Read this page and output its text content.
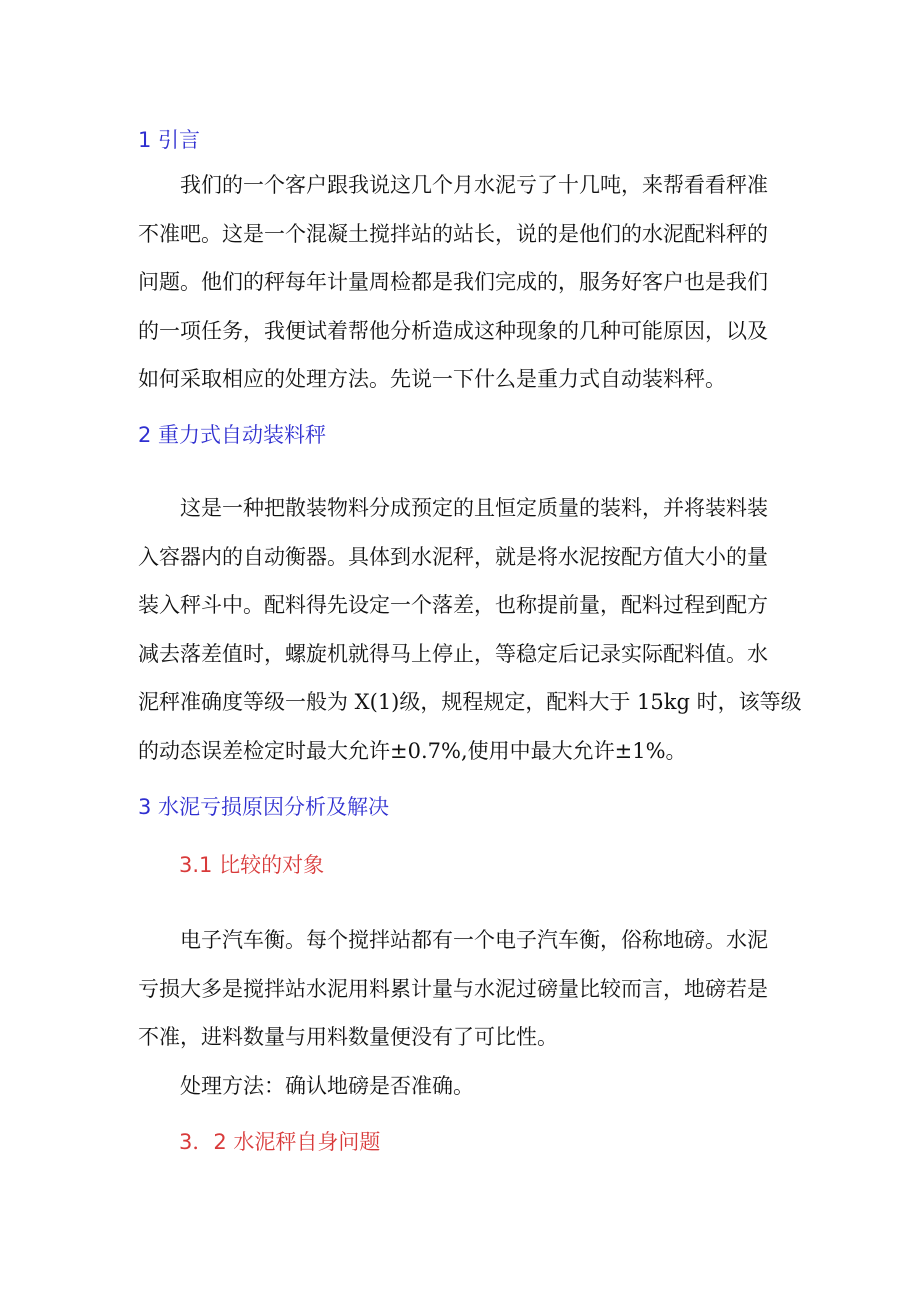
1 引言
我们的一个客户跟我说这几个月水泥亏了十几吨，来帮看看秤准
不准吧。这是一个混凝土搅拌站的站长，说的是他们的水泥配料秤的
问题。他们的秤每年计量周检都是我们完成的，服务好客户也是我们
的一项任务，我便试着帮他分析造成这种现象的几种可能原因，以及
如何采取相应的处理方法。先说一下什么是重力式自动装料秤。
2 重力式自动装料秤
这是一种把散装物料分成预定的且恒定质量的装料，并将装料装
入容器内的自动衡器。具体到水泥秤，就是将水泥按配方值大小的量
装入秤斗中。配料得先设定一个落差，也称提前量，配料过程到配方
减去落差值时，螺旋机就得马上停止，等稳定后记录实际配料值。水
泥秤准确度等级一般为 X(1)级，规程规定，配料大于 15kg 时，该等级
的动态误差检定时最大允许±0.7%,使用中最大允许±1%。
3 水泥亏损原因分析及解决
3.1 比较的对象
电子汽车衡。每个搅拌站都有一个电子汽车衡，俗称地磅。水泥
亏损大多是搅拌站水泥用料累计量与水泥过磅量比较而言，地磅若是
不准，进料数量与用料数量便没有了可比性。
处理方法：确认地磅是否准确。
3．2 水泥秤自身问题
